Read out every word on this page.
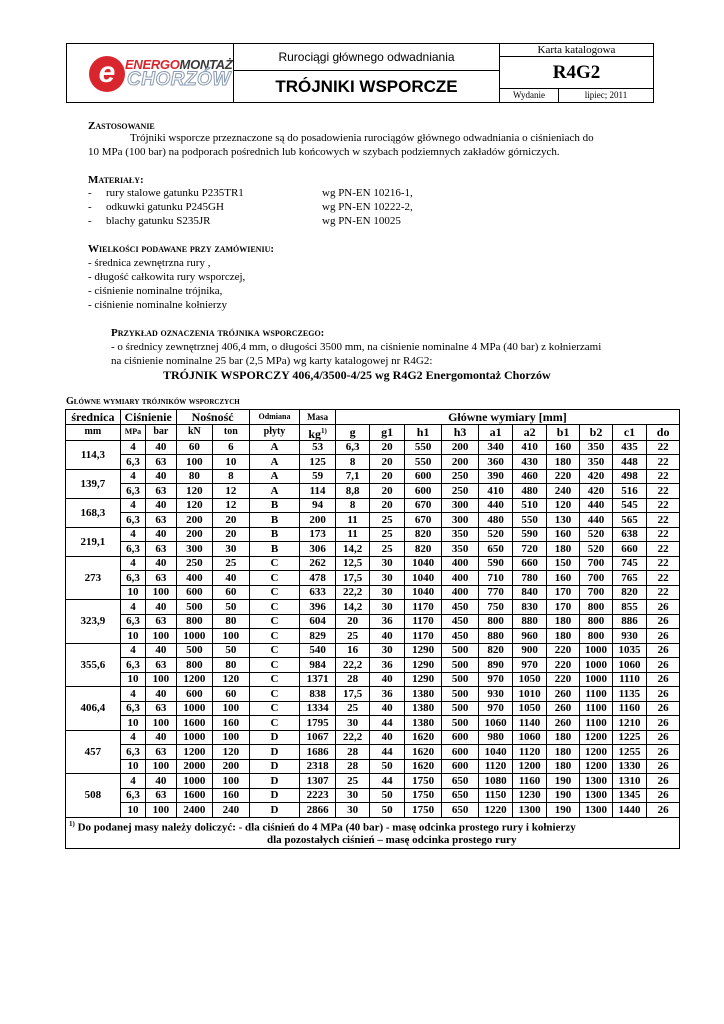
e ENERGOMONTAŻ
CHORZÓW
	Rurociągi głównego odwadniania	Karta katalogowa
R4G2
Wydanie	lipiec; 2011

TRÓJNIKI WSPORCZE
Zastosowanie
Trójniki wsporcze przeznaczone są do posadowienia rurociągów głównego odwadniania o ciśnieniach do
10 MPa (100 bar) na podporach pośrednich lub końcowych w szybach podziemnych zakładów górniczych.
Materiały:
- rury stalowe gatunku P235TR1	wg PN-EN 10216-1,
- odkuwki gatunku P245GH	wg PN-EN 10222-2,
- blachy gatunku S235JR	wg PN-EN 10025
Wielkości podawane przy zamówieniu:
- średnica zewnętrzna rury ,
- długość całkowita rury wsporczej,
- ciśnienie nominalne trójnika,
- ciśnienie nominalne kołnierzy
Przykład oznaczenia trójnika wsporczego:
- o średnicy zewnętrznej 406,4 mm, o długości 3500 mm, na ciśnienie nominalne 4 MPa (40 bar) z kołnierzami
na ciśnienie nominalne 25 bar (2,5 MPa) wg karty katalogowej nr R4G2:
TRÓJNIK WSPORCZY 406,4/3500-4/25 wg R4G2 Energomontaż Chorzów
Główne wymiary trójników wsporczych
średnica	Ciśnienie		Nośność		Odmiana	Masa	Główne wymiary [mm]									
mm	MPa	bar	kN	ton	płyty	$kg^{1)}$	g	g1	h1	h3	a1	a2	b1	b2	c1	do
114,3	4	40	60	6	A	53	6,3	20	550	200	340	410	160	350	435	22
	6,3	63	100	10	A	125	8	20	550	200	360	430	180	350	448	22
139,7	4	40	80	8	A	59	7,1	20	600	250	390	460	220	420	498	22
	6,3	63	120	12	A	114	8,8	20	600	250	410	480	240	420	516	22
168,3	4	40	120	12	B	94	8	20	670	300	440	510	120	440	545	22
	6,3	63	200	20	B	200	11	25	670	300	480	550	130	440	565	22
219,1	4	40	200	20	B	173	11	25	820	350	520	590	160	520	638	22
	6,3	63	300	30	B	306	14,2	25	820	350	650	720	180	520	660	22
273	4	40	250	25	C	262	12,5	30	1040	400	590	660	150	700	745	22
	6,3	63	400	40	C	478	17,5	30	1040	400	710	780	160	700	765	22
	10	100	600	60	C	633	22,2	30	1040	400	770	840	170	700	820	22
323,9	4	40	500	50	C	396	14,2	30	1170	450	750	830	170	800	855	26
	6,3	63	800	80	C	604	20	36	1170	450	800	880	180	800	886	26
	10	100	1000	100	C	829	25	40	1170	450	880	960	180	800	930	26
355,6	4	40	500	50	C	540	16	30	1290	500	820	900	220	1000	1035	26
	6,3	63	800	80	C	984	22,2	36	1290	500	890	970	220	1000	1060	26
	10	100	1200	120	C	1371	28	40	1290	500	970	1050	220	1000	1110	26
406,4	4	40	600	60	C	838	17,5	36	1380	500	930	1010	260	1100	1135	26
	6,3	63	1000	100	C	1334	25	40	1380	500	970	1050	260	1100	1160	26
	10	100	1600	160	C	1795	30	44	1380	500	1060	1140	260	1100	1210	26
457	4	40	1000	100	D	1067	22,2	40	1620	600	980	1060	180	1200	1225	26
	6,3	63	1200	120	D	1686	28	44	1620	600	1040	1120	180	1200	1255	26
	10	100	2000	200	D	2318	28	50	1620	600	1120	1200	180	1200	1330	26
508	4	40	1000	100	D	1307	25	44	1750	650	1080	1160	190	1300	1310	26
	6,3	63	1600	160	D	2223	30	50	1750	650	1150	1230	190	1300	1345	26
	10	100	2400	240	D	2866	30	50	1750	650	1220	1300	190	1300	1440	26

$^{1)}$ Do podanej masy należy doliczyć: - dla ciśnień do 4 MPa (40 bar) - masę odcinka prostego rury i kołnierzy
dla pozostałych ciśnień – masę odcinka prostego rury																
